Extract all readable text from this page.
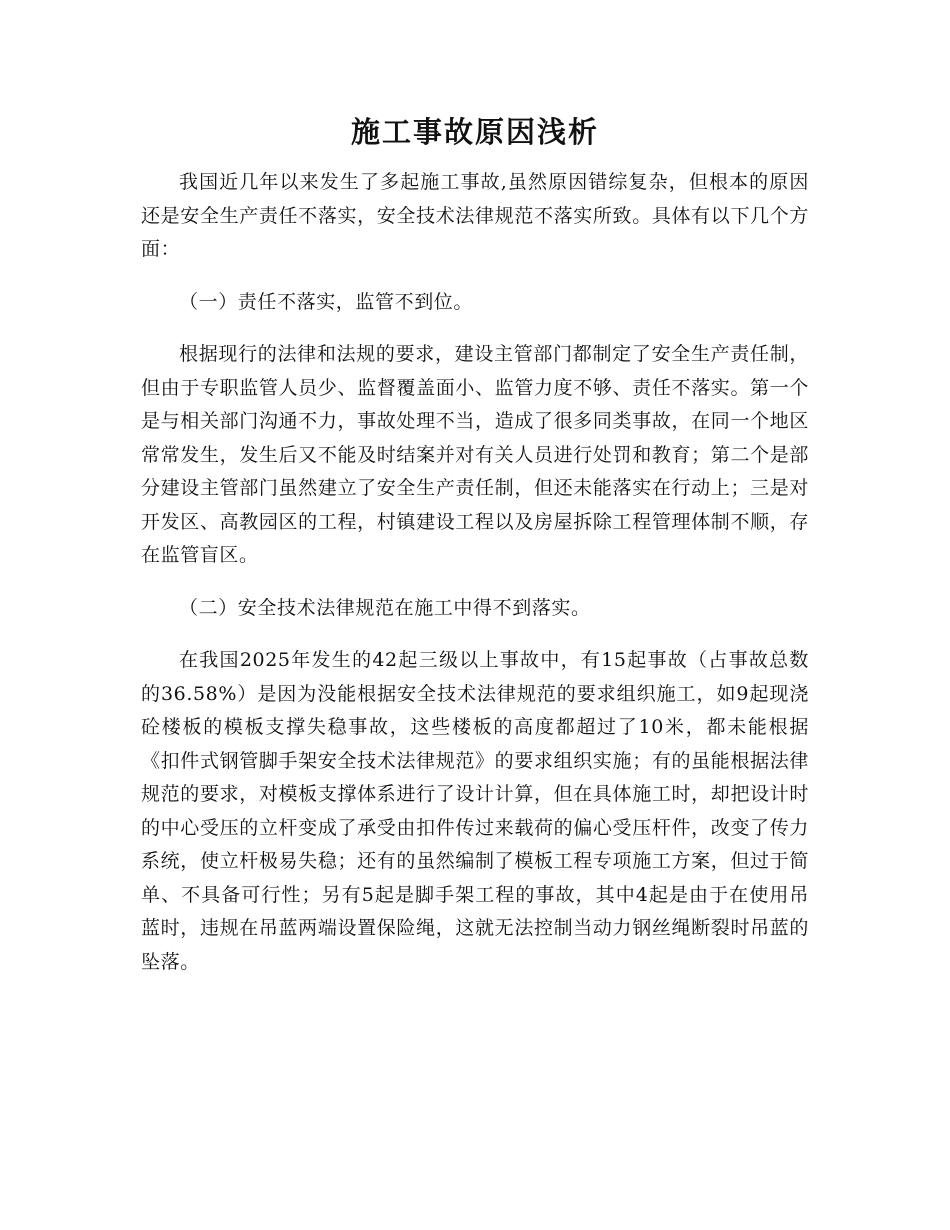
施工事故原因浅析

我国近几年以来发生了多起施工事故,虽然原因错综复杂，但根本的原因还是安全生产责任不落实，安全技术法律规范不落实所致。具体有以下几个方面：

（一）责任不落实，监管不到位。

根据现行的法律和法规的要求，建设主管部门都制定了安全生产责任制，但由于专职监管人员少、监督覆盖面小、监管力度不够、责任不落实。第一个是与相关部门沟通不力，事故处理不当，造成了很多同类事故，在同一个地区常常发生，发生后又不能及时结案并对有关人员进行处罚和教育；第二个是部分建设主管部门虽然建立了安全生产责任制，但还未能落实在行动上；三是对开发区、高教园区的工程，村镇建设工程以及房屋拆除工程管理体制不顺，存在监管盲区。

（二）安全技术法律规范在施工中得不到落实。

在我国2025年发生的42起三级以上事故中，有15起事故（占事故总数的36.58%）是因为没能根据安全技术法律规范的要求组织施工，如9起现浇砼楼板的模板支撑失稳事故，这些楼板的高度都超过了10米，都未能根据《扣件式钢管脚手架安全技术法律规范》的要求组织实施；有的虽能根据法律规范的要求，对模板支撑体系进行了设计计算，但在具体施工时，却把设计时的中心受压的立杆变成了承受由扣件传过来载荷的偏心受压杆件，改变了传力系统，使立杆极易失稳；还有的虽然编制了模板工程专项施工方案，但过于简单、不具备可行性；另有5起是脚手架工程的事故，其中4起是由于在使用吊蓝时，违规在吊蓝两端设置保险绳，这就无法控制当动力钢丝绳断裂时吊蓝的坠落。
